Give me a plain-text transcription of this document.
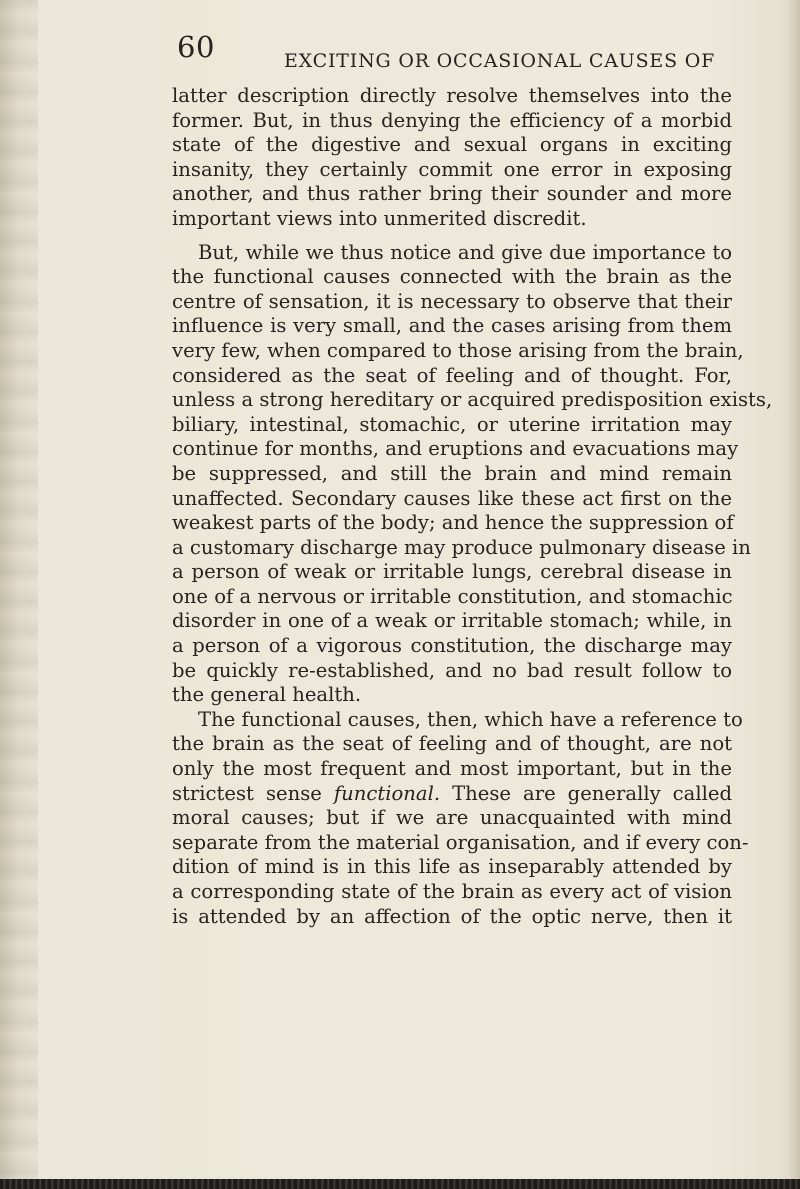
60	EXCITING OR OCCASIONAL CAUSES OF
latter description directly resolve themselves into the
former. But, in thus denying the efficiency of a morbid
state of the digestive and sexual organs in exciting
insanity, they certainly commit one error in exposing
another, and thus rather bring their sounder and more
important views into unmerited discredit.
But, while we thus notice and give due importance to
the functional causes connected with the brain as the
centre of sensation, it is necessary to observe that their
influence is very small, and the cases arising from them
very few, when compared to those arising from the brain,
considered as the seat of feeling and of thought. For,
unless a strong hereditary or acquired predisposition exists,
biliary, intestinal, stomachic, or uterine irritation may
continue for months, and eruptions and evacuations may
be suppressed, and still the brain and mind remain
unaffected. Secondary causes like these act first on the
weakest parts of the body; and hence the suppression of
a customary discharge may produce pulmonary disease in
a person of weak or irritable lungs, cerebral disease in
one of a nervous or irritable constitution, and stomachic
disorder in one of a weak or irritable stomach; while, in
a person of a vigorous constitution, the discharge may
be quickly re-established, and no bad result follow to
the general health.
The functional causes, then, which have a reference to
the brain as the seat of feeling and of thought, are not
only the most frequent and most important, but in the
strictest sense functional. These are generally called
moral causes; but if we are unacquainted with mind
separate from the material organisation, and if every con-
dition of mind is in this life as inseparably attended by
a corresponding state of the brain as every act of vision
is attended by an affection of the optic nerve, then it
